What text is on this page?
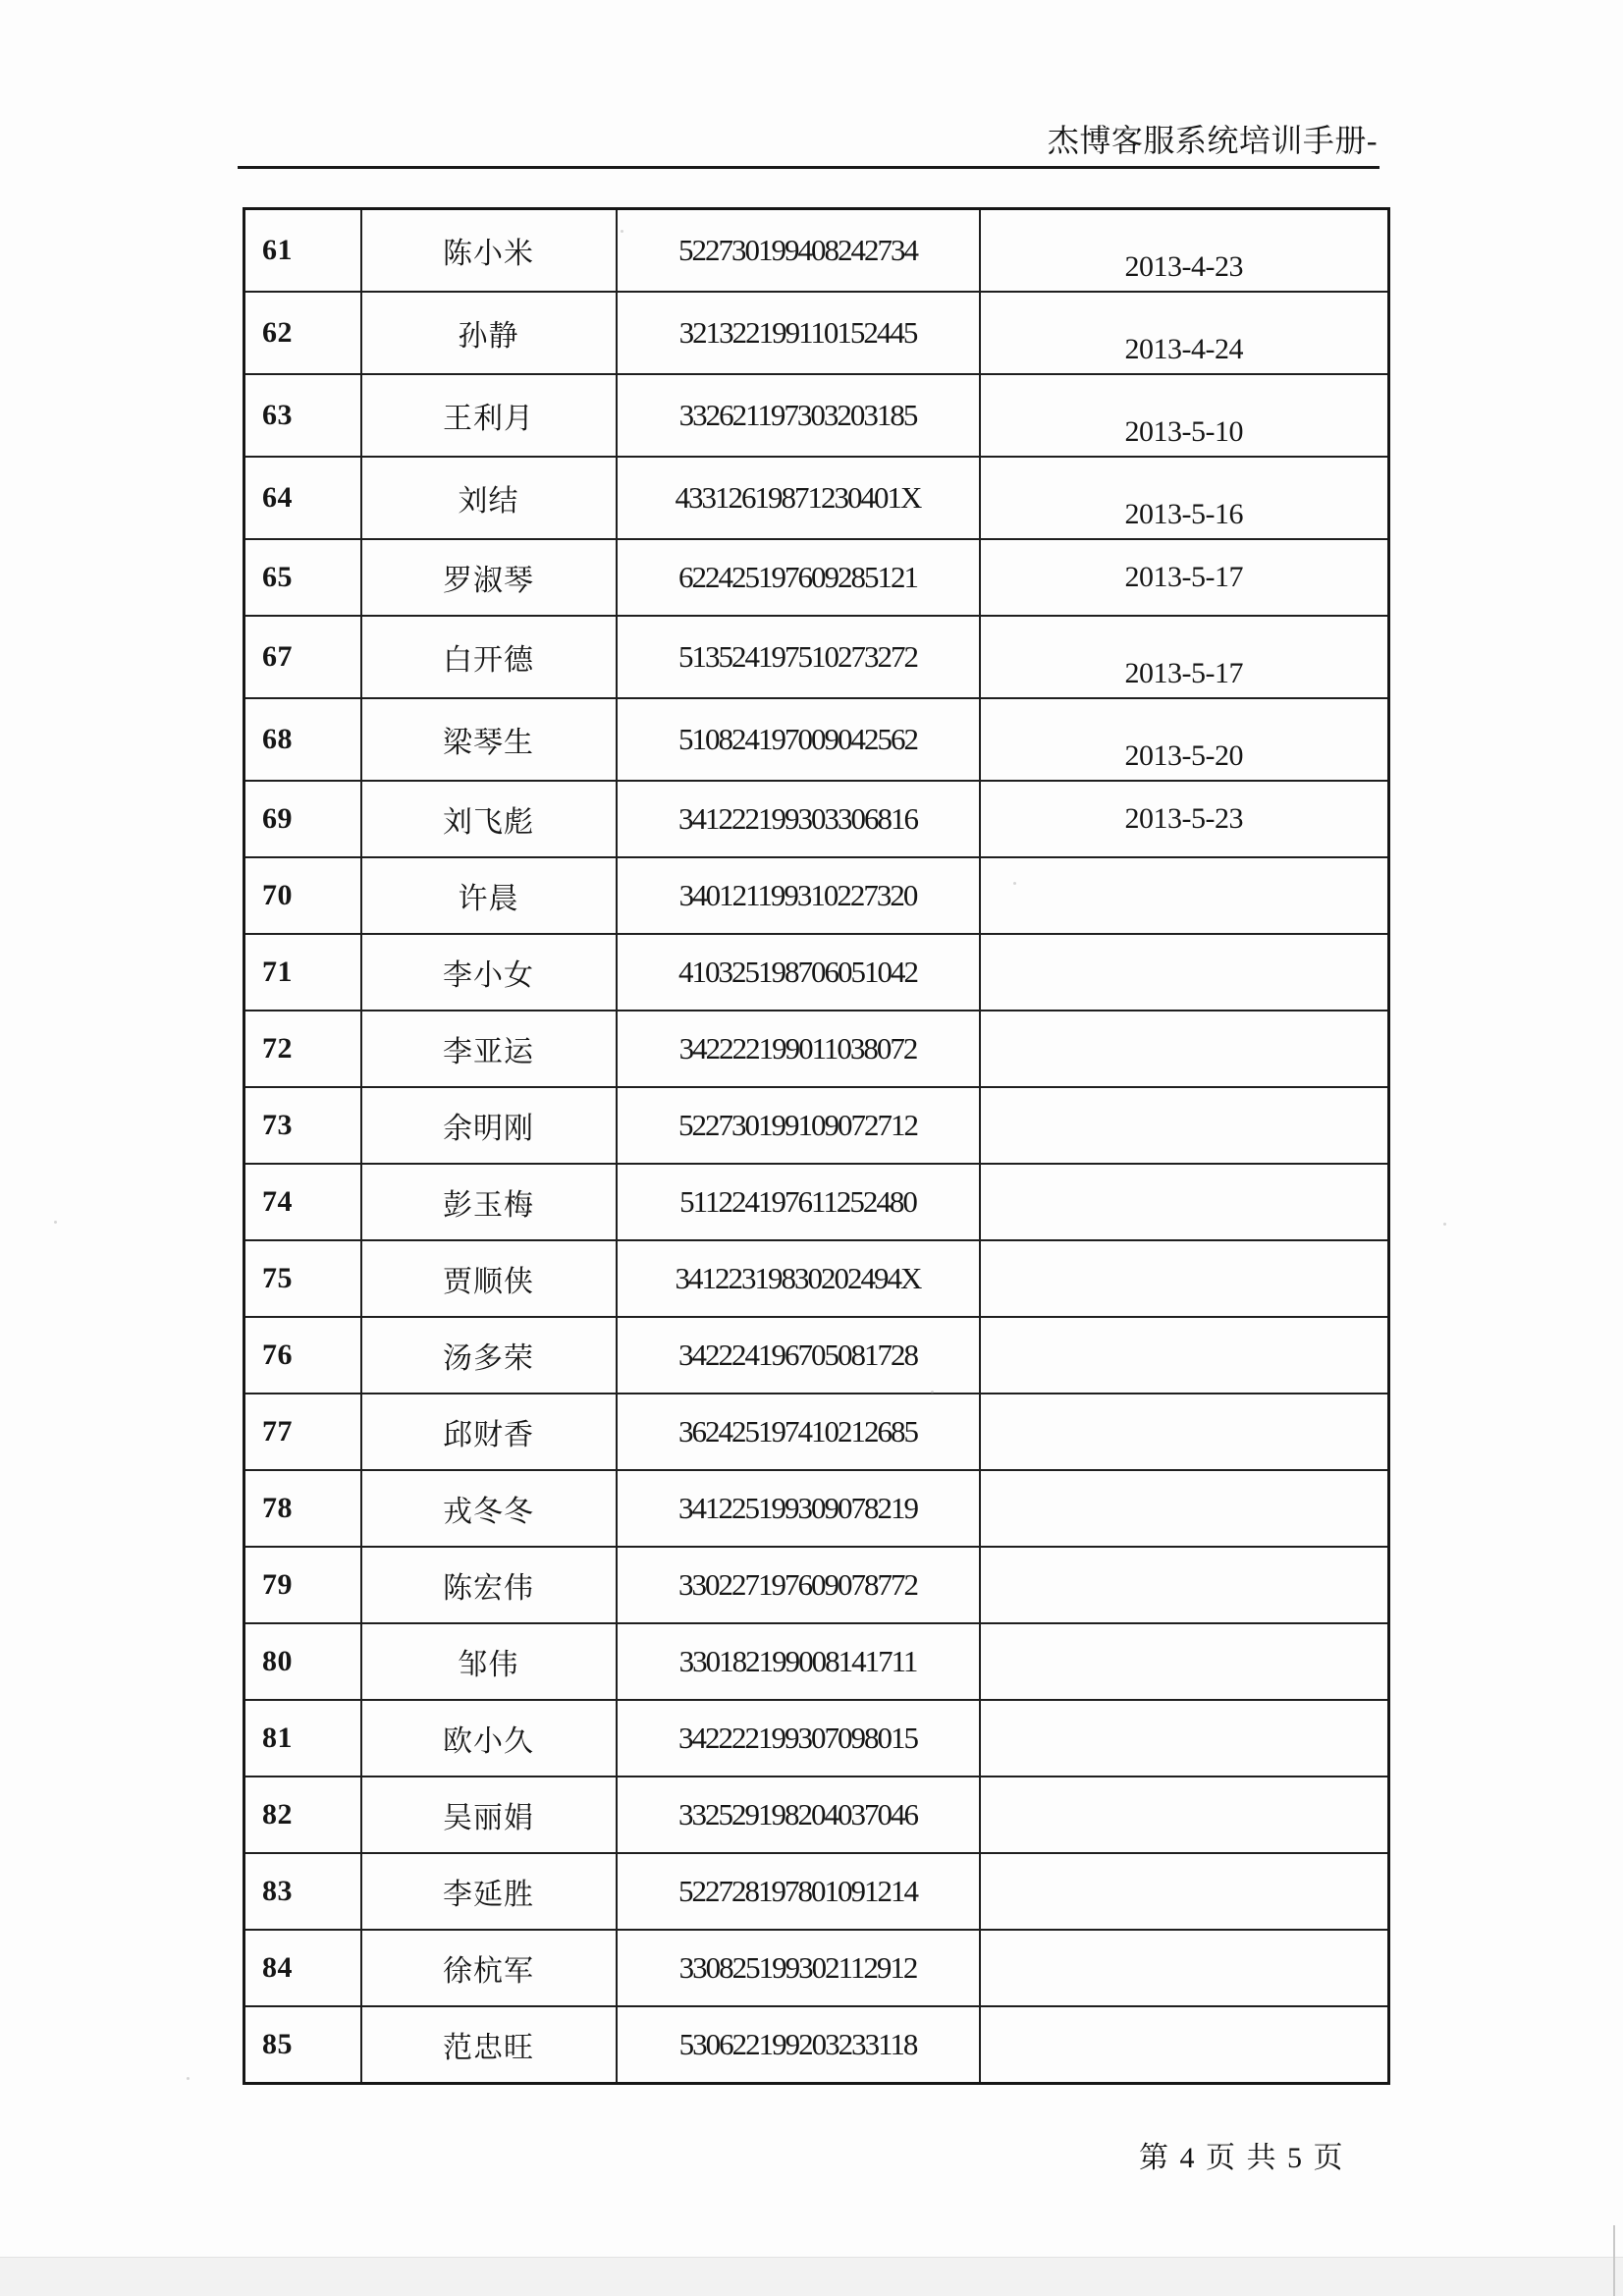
杰博客服系统培训手册-
61	陈小米	522730199408242734	2013-4-23
62	孙静	321322199110152445	2013-4-24
63	王利月	332621197303203185	2013-5-10
64	刘结	43312619871230401X	2013-5-16
65	罗淑琴	622425197609285121	2013-5-17
67	白开德	513524197510273272	2013-5-17
68	梁琴生	510824197009042562	2013-5-20
69	刘飞彪	341222199303306816	2013-5-23
70	许晨	340121199310227320	
71	李小女	410325198706051042	
72	李亚运	342222199011038072	
73	余明刚	522730199109072712	
74	彭玉梅	511224197611252480	
75	贾顺侠	34122319830202494X	
76	汤多荣	342224196705081728	
77	邱财香	362425197410212685	
78	戎冬冬	341225199309078219	
79	陈宏伟	330227197609078772	
80	邹伟	330182199008141711	
81	欧小久	342222199307098015	
82	吴丽娟	332529198204037046	
83	李延胜	522728197801091214	
84	徐杭军	330825199302112912	
85	范忠旺	530622199203233118	
第 4 页 共 5 页
